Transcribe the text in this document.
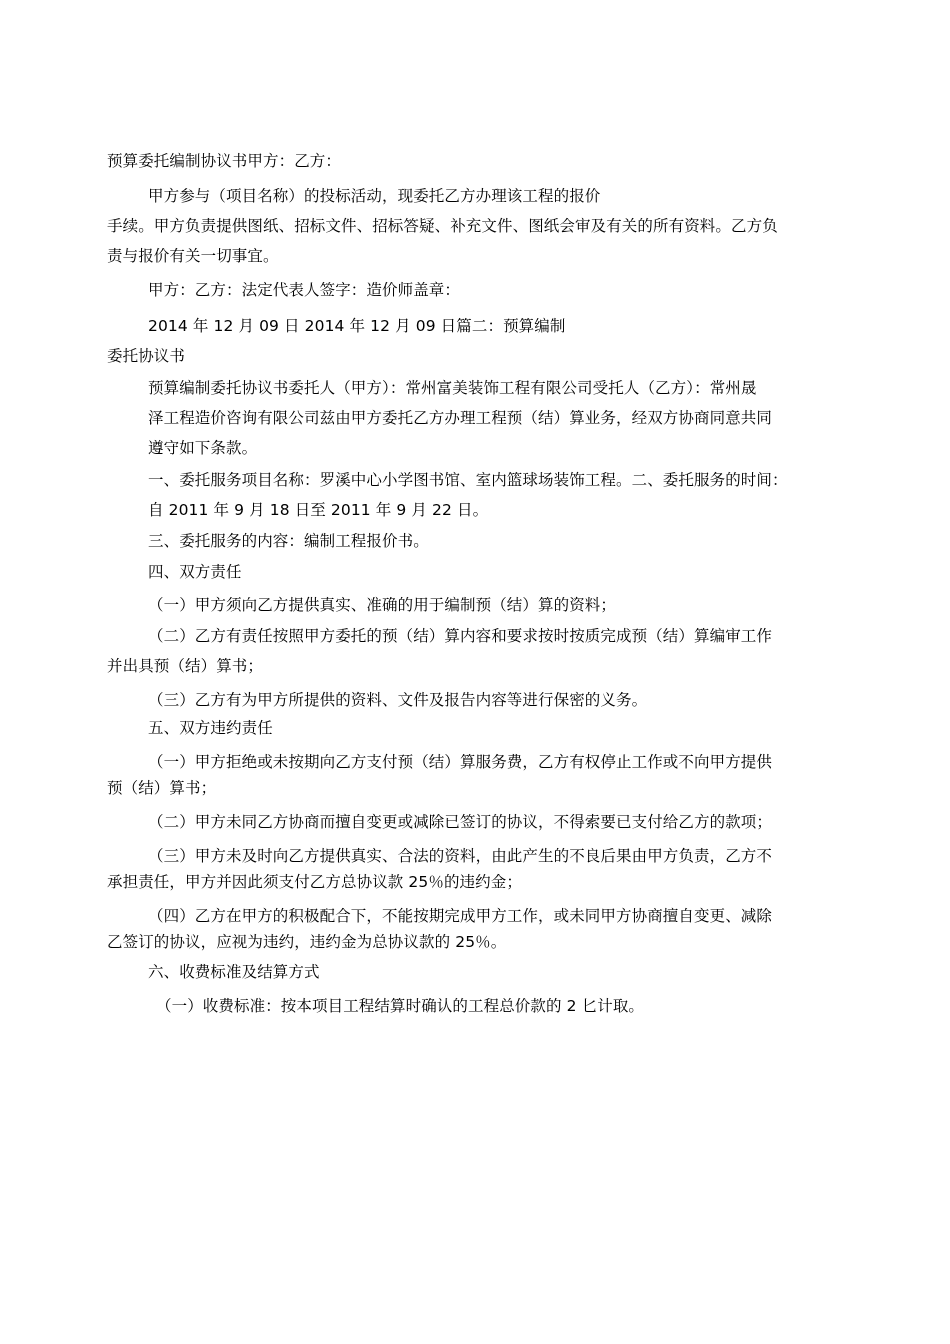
预算委托编制协议书甲方：乙方：

甲方参与（项目名称）的投标活动，现委托乙方办理该工程的报价

手续。甲方负责提供图纸、招标文件、招标答疑、补充文件、图纸会审及有关的所有资料。乙方负

责与报价有关一切事宜。

甲方：乙方：法定代表人签字：造价师盖章：

2014 年 12 月 09 日 2014 年 12 月 09 日篇二：预算编制

委托协议书

预算编制委托协议书委托人（甲方）：常州富美装饰工程有限公司受托人（乙方）：常州晟

泽工程造价咨询有限公司兹由甲方委托乙方办理工程预（结）算业务，经双方协商同意共同

遵守如下条款。

一、委托服务项目名称：罗溪中心小学图书馆、室内篮球场装饰工程。二、委托服务的时间：

自 2011 年 9 月 18 日至 2011 年 9 月 22 日。

三、委托服务的内容：编制工程报价书。

四、双方责任

（一）甲方须向乙方提供真实、准确的用于编制预（结）算的资料；

（二）乙方有责任按照甲方委托的预（结）算内容和要求按时按质完成预（结）算编审工作

并出具预（结）算书；

（三）乙方有为甲方所提供的资料、文件及报告内容等进行保密的义务。

五、双方违约责任

（一）甲方拒绝或未按期向乙方支付预（结）算服务费，乙方有权停止工作或不向甲方提供

预（结）算书；

（二）甲方未同乙方协商而擅自变更或减除已签订的协议，不得索要已支付给乙方的款项；

（三）甲方未及时向乙方提供真实、合法的资料，由此产生的不良后果由甲方负责，乙方不

承担责任，甲方并因此须支付乙方总协议款 25％的违约金；

（四）乙方在甲方的积极配合下，不能按期完成甲方工作，或未同甲方协商擅自变更、减除

乙签订的协议，应视为违约，违约金为总协议款的 25％。

六、收费标准及结算方式

（一）收费标准：按本项目工程结算时确认的工程总价款的 2 匕计取。
